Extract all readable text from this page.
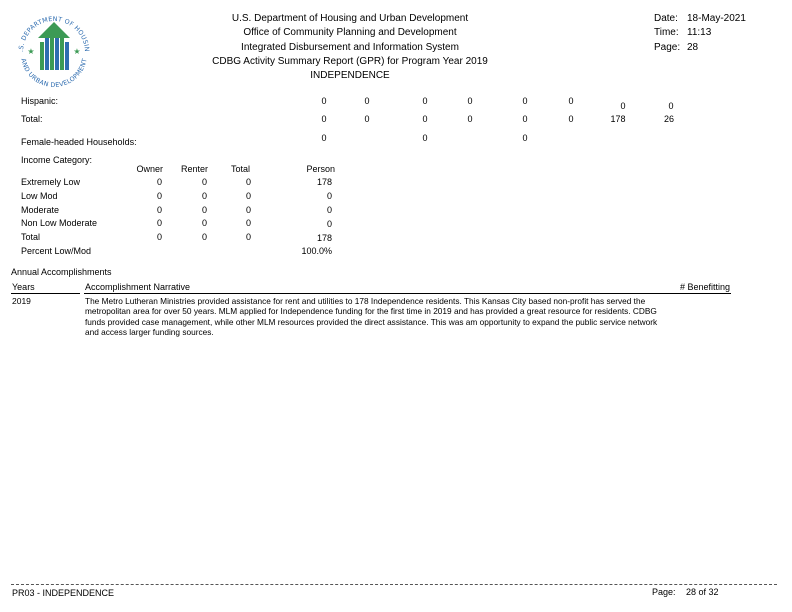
.S. DEPARTMENT OF HOUSIN
AND URBAN DEVELOPMENT
★	★
U.S. Department of Housing and Urban Development
Office of Community Planning and Development
Integrated Disbursement and Information System
CDBG Activity Summary Report (GPR) for Program Year 2019
INDEPENDENCE
Date: 18-May-2021
Time: 11:13
Page: 28
Hispanic:	0	0	0	0	0	0	0	0
Total:	0	0	0	0	0	0	178	26
Female-headed Households:	0	0	0
Income Category:
Owner	Renter	Total	Person
Extremely Low	0	0	0	178
Low Mod	0	0	0	0
Moderate	0	0	0	0
Non Low Moderate	0	0	0	0
Total	0	0	0	178
Percent Low/Mod	100.0%
Annual Accomplishments
Years	Accomplishment Narrative	# Benefitting
2019	The Metro Lutheran Ministries provided assistance for rent and utilities to 178 Independence residents. This Kansas City based non-profit has served the metropolitan area for over 50 years. MLM applied for Independence funding for the first time in 2019 and has provided a great resource for residents. CDBG funds provided case management, while other MLM resources provided the direct assistance. This was am opportunity to expand the public service network and access larger funding sources.
PR03 - INDEPENDENCE	Page: 28 of 32
